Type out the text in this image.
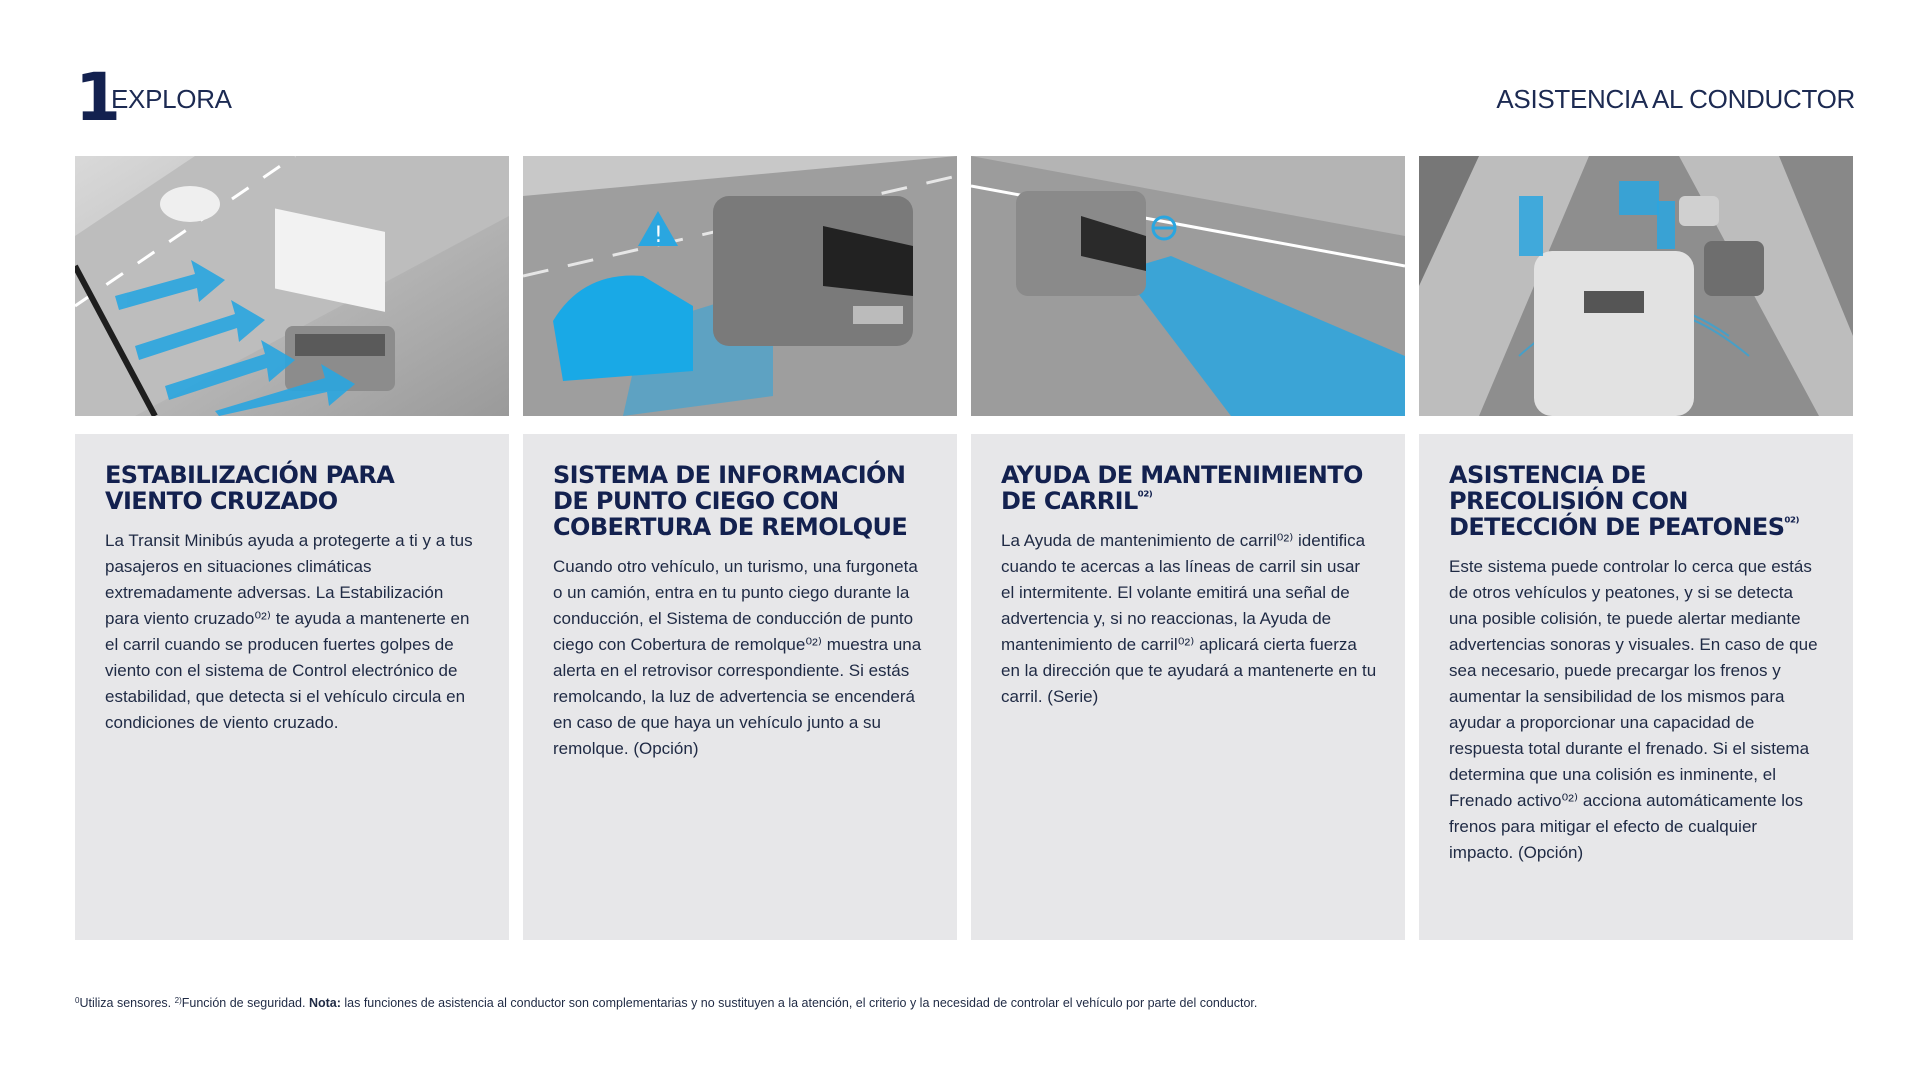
1
EXPLORA	ASISTENCIA AL CONDUCTOR
!
ESTABILIZACIÓN PARA VIENTO CRUZADO

La Transit Minibús ayuda a protegerte a ti y a tus pasajeros en situaciones climáticas extremadamente adversas. La Estabilización para viento cruzado⁰²⁾ te ayuda a mantenerte en el carril cuando se producen fuertes golpes de viento con el sistema de Control electrónico de estabilidad, que detecta si el vehículo circula en condiciones de viento cruzado.

SISTEMA DE INFORMACIÓN DE PUNTO CIEGO CON COBERTURA DE REMOLQUE

Cuando otro vehículo, un turismo, una furgoneta o un camión, entra en tu punto ciego durante la conducción, el Sistema de conducción de punto ciego con Cobertura de remolque⁰²⁾ muestra una alerta en el retrovisor correspondiente. Si estás remolcando, la luz de advertencia se encenderá en caso de que haya un vehículo junto a su remolque. (Opción)

AYUDA DE MANTENIMIENTO DE $CARRIL^{^{02)}}$

La Ayuda de mantenimiento de carril⁰²⁾ identifica cuando te acercas a las líneas de carril sin usar el intermitente. El volante emitirá una señal de advertencia y, si no reaccionas, la Ayuda de mantenimiento de carril⁰²⁾ aplicará cierta fuerza en la dirección que te ayudará a mantenerte en tu carril. (Serie)

ASISTENCIA DE PRECOLISIÓN CON DETECCIÓN DE $PEATONES^{^{02)}}$

Este sistema puede controlar lo cerca que estás de otros vehículos y peatones, y si se detecta una posible colisión, te puede alertar mediante advertencias sonoras y visuales. En caso de que sea necesario, puede precargar los frenos y aumentar la sensibilidad de los mismos para ayudar a proporcionar una capacidad de respuesta total durante el frenado. Si el sistema determina que una colisión es inminente, el Frenado activo⁰²⁾ acciona automáticamente los frenos para mitigar el efecto de cualquier impacto. (Opción)

$^0$Utiliza sensores. $^{2)}$Función de seguridad. Nota: las funciones de asistencia al conductor son complementarias y no sustituyen a la atención, el criterio y la necesidad de controlar el vehículo por parte del conductor.
